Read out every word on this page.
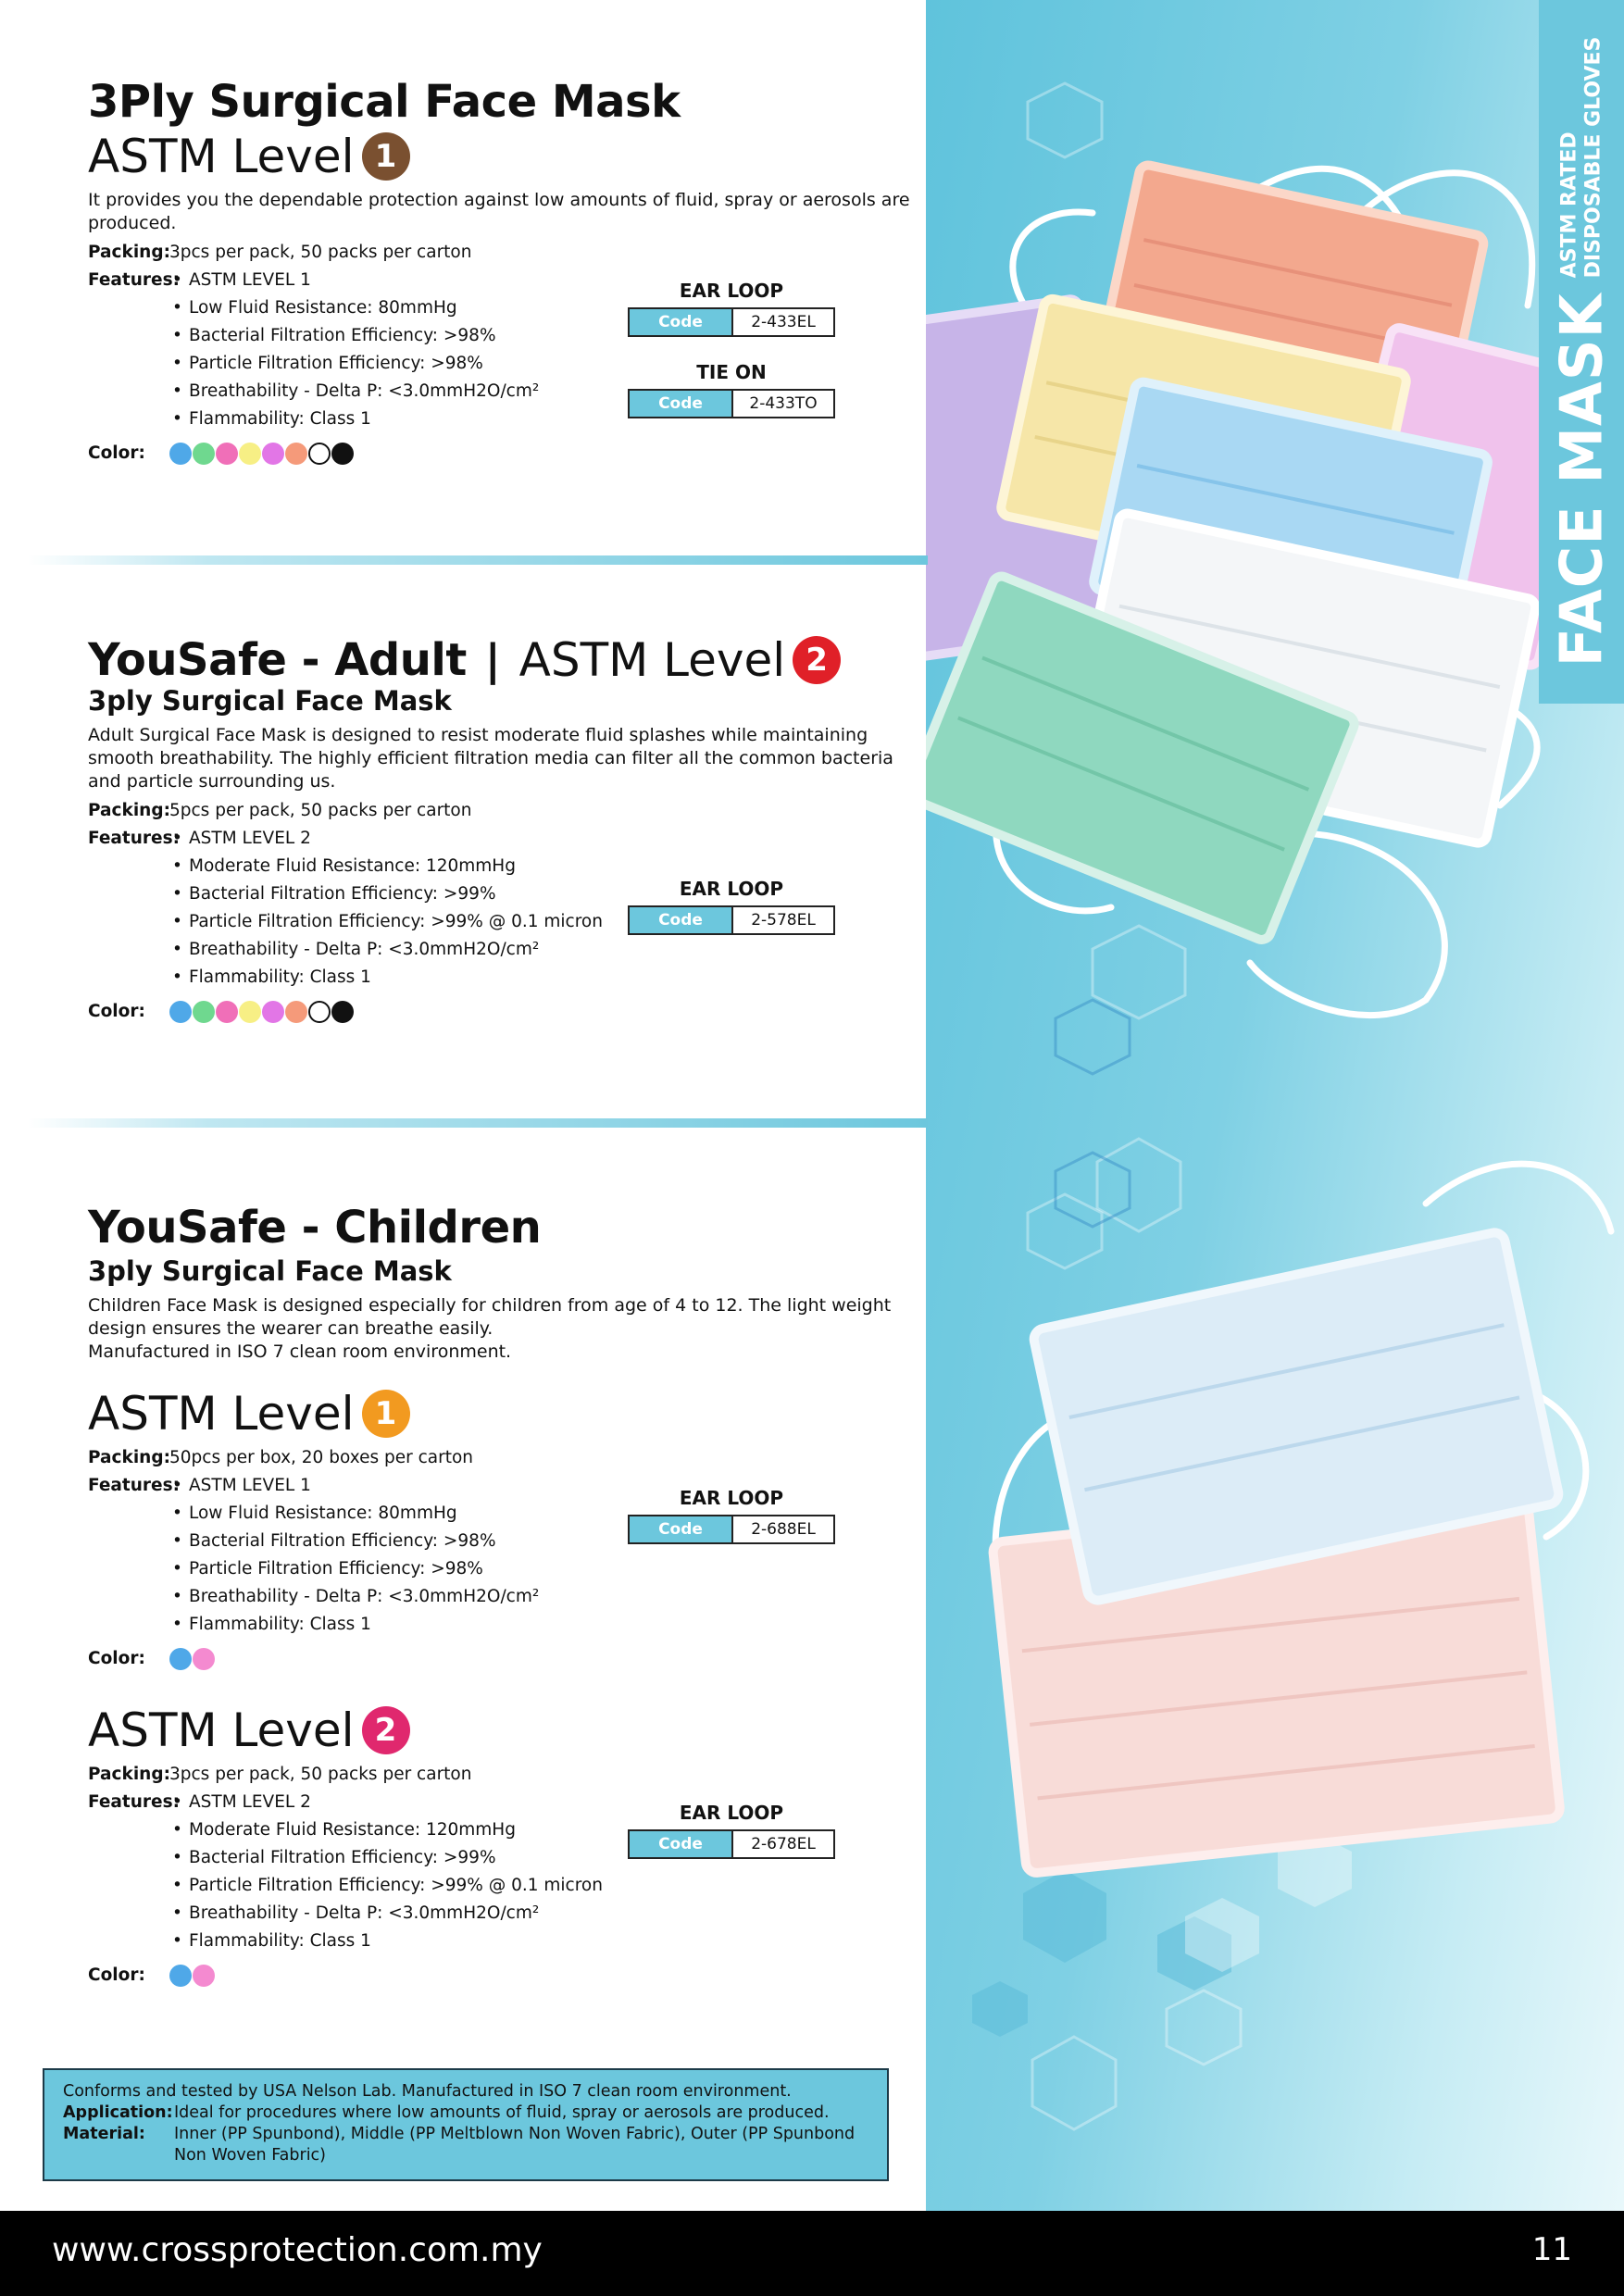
FACE MASK
ASTM RATED DISPOSABLE GLOVES
3Ply Surgical Face Mask
ASTM Level 1
It provides you the dependable protection against low amounts of fluid, spray or aerosols are produced.
Packing:3pcs per pack, 50 packs per carton
Features: • ASTM LEVEL 1
• Low Fluid Resistance: 80mmHg
• Bacterial Filtration Efficiency: >98%
• Particle Filtration Efficiency: >98%
• Breathability - Delta P: <3.0mmH2O/cm²
• Flammability: Class 1
Color:
EAR LOOP
Code	2-433EL
TIE ON
Code	2-433TO
YouSafe - Adult | ASTM Level 2
3ply Surgical Face Mask
Adult Surgical Face Mask is designed to resist moderate fluid splashes while maintaining smooth breathability. The highly efficient filtration media can filter all the common bacteria and particle surrounding us.
Packing:5pcs per pack, 50 packs per carton
Features: • ASTM LEVEL 2
• Moderate Fluid Resistance: 120mmHg
• Bacterial Filtration Efficiency: >99%
• Particle Filtration Efficiency: >99% @ 0.1 micron
• Breathability - Delta P: <3.0mmH2O/cm²
• Flammability: Class 1
Color:
EAR LOOP
Code	2-578EL
YouSafe - Children
3ply Surgical Face Mask
Children Face Mask is designed especially for children from age of 4 to 12. The light weight design ensures the wearer can breathe easily.
Manufactured in ISO 7 clean room environment.
ASTM Level 1
Packing:50pcs per box, 20 boxes per carton
Features: • ASTM LEVEL 1
• Low Fluid Resistance: 80mmHg
• Bacterial Filtration Efficiency: >98%
• Particle Filtration Efficiency: >98%
• Breathability - Delta P: <3.0mmH2O/cm²
• Flammability: Class 1
Color:
EAR LOOP
Code	2-688EL
ASTM Level 2
Packing:3pcs per pack, 50 packs per carton
Features: • ASTM LEVEL 2
• Moderate Fluid Resistance: 120mmHg
• Bacterial Filtration Efficiency: >99%
• Particle Filtration Efficiency: >99% @ 0.1 micron
• Breathability - Delta P: <3.0mmH2O/cm²
• Flammability: Class 1
Color:
EAR LOOP
Code	2-678EL
Conforms and tested by USA Nelson Lab. Manufactured in ISO 7 clean room environment.
Application:Ideal for procedures where low amounts of fluid, spray or aerosols are produced.
Material: Inner (PP Spunbond), Middle (PP Meltblown Non Woven Fabric), Outer (PP Spunbond Non Woven Fabric)
www.crossprotection.com.my	11
